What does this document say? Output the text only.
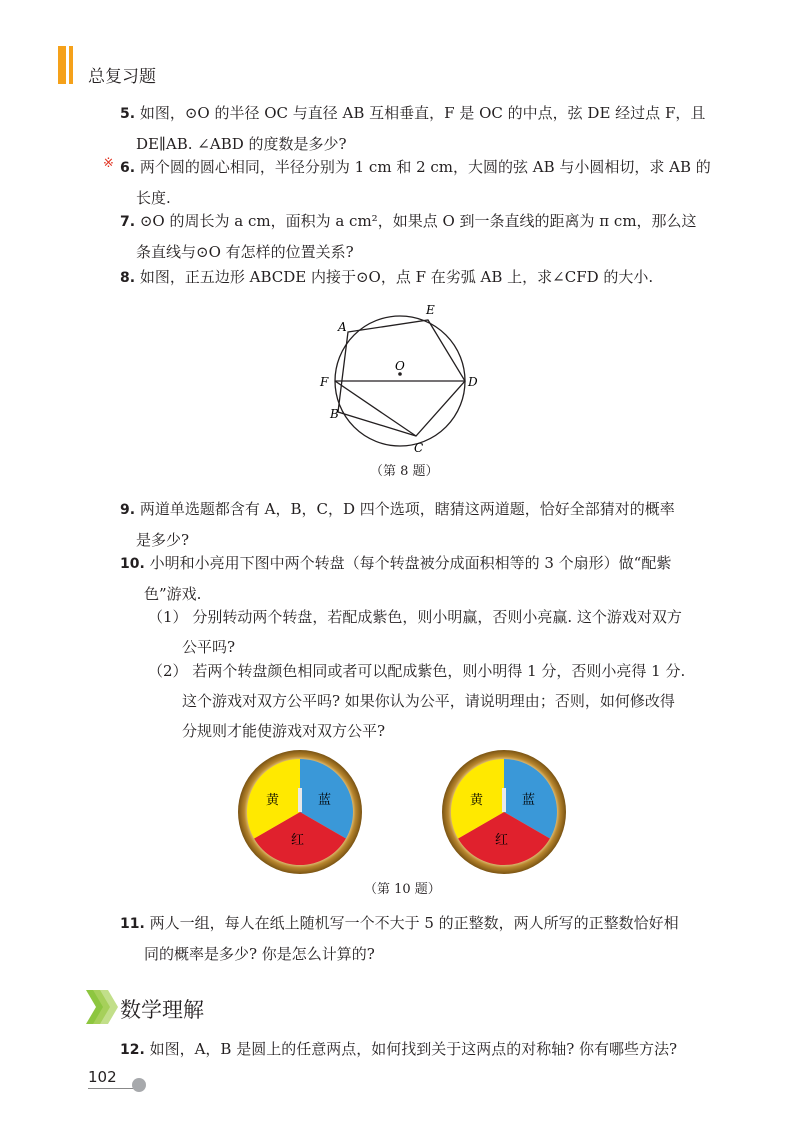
总复习题
5. 如图，⊙O 的半径 OC 与直径 AB 互相垂直，F 是 OC 的中点，弦 DE 经过点 F，且
DE∥AB. ∠ABD 的度数是多少?
※ 6. 两个圆的圆心相同，半径分别为 1 cm 和 2 cm，大圆的弦 AB 与小圆相切，求 AB 的
长度.
7. ⊙O 的周长为 a cm，面积为 a cm²，如果点 O 到一条直线的距离为 π cm，那么这
条直线与⊙O 有怎样的位置关系?
8. 如图，正五边形 ABCDE 内接于⊙O，点 F 在劣弧 AB 上，求∠CFD 的大小.
A
E
O
F	D
B
C
（第 8 题）
9. 两道单选题都含有 A，B，C，D 四个选项，瞎猜这两道题，恰好全部猜对的概率
是多少?
10. 小明和小亮用下图中两个转盘（每个转盘被分成面积相等的 3 个扇形）做“配紫
色”游戏.
（1） 分别转动两个转盘，若配成紫色，则小明赢，否则小亮赢. 这个游戏对双方
公平吗?
（2） 若两个转盘颜色相同或者可以配成紫色，则小明得 1 分，否则小亮得 1 分.
这个游戏对双方公平吗? 如果你认为公平，请说明理由；否则，如何修改得
分规则才能使游戏对双方公平?
黄	蓝
红
黄	蓝
红
（第 10 题）
11. 两人一组，每人在纸上随机写一个不大于 5 的正整数，两人所写的正整数恰好相
同的概率是多少? 你是怎么计算的?
数学理解
12. 如图，A，B 是圆上的任意两点，如何找到关于这两点的对称轴? 你有哪些方法?
102
